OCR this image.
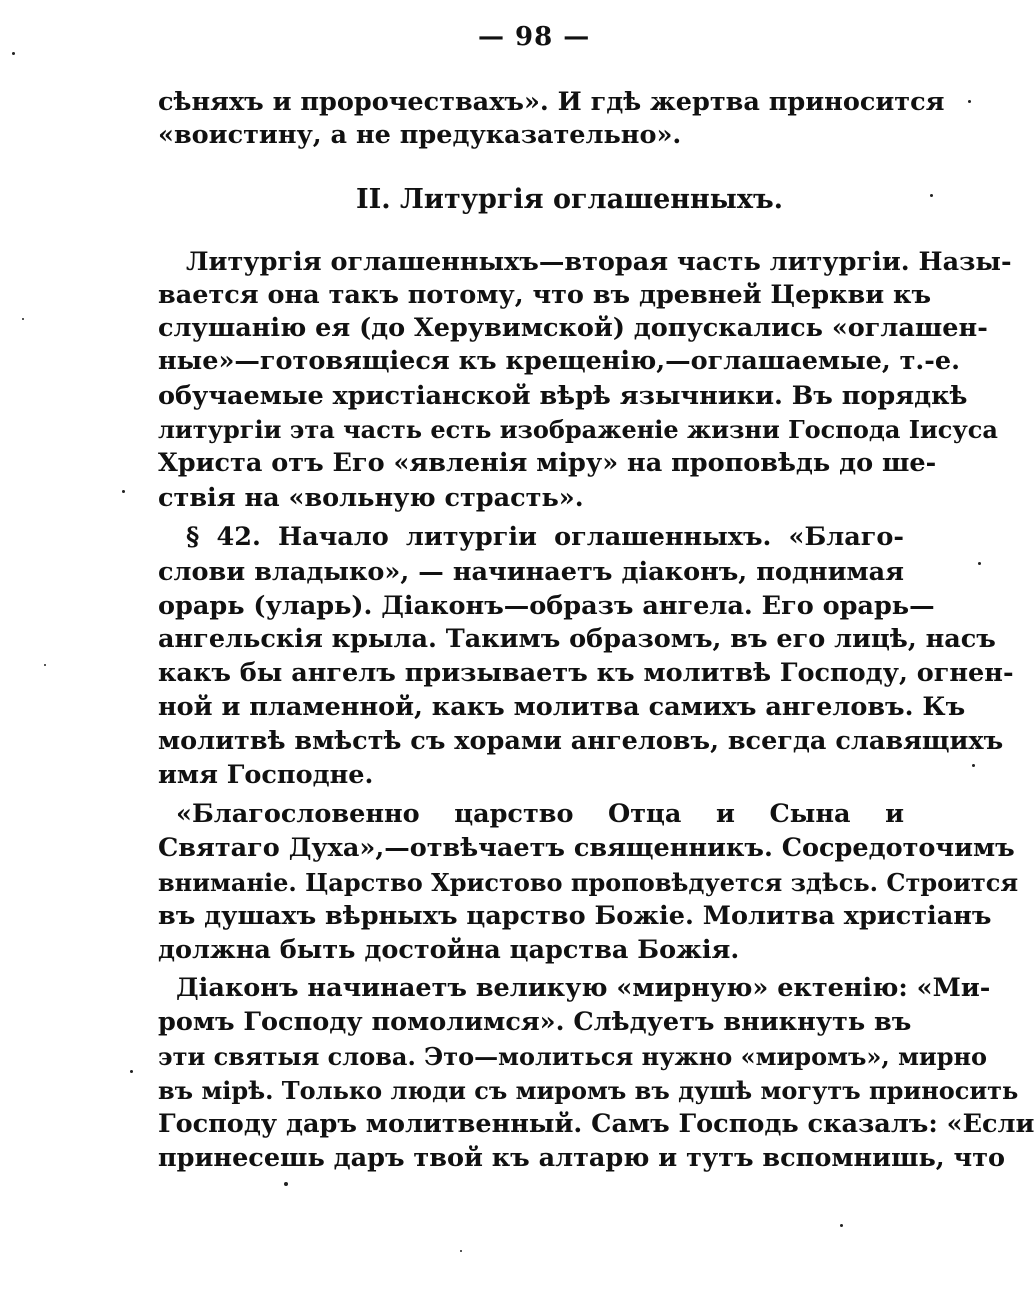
— 98 —
сѣняхъ и пророчествахъ». И гдѣ жертва приносится
«воистину, а не предуказательно».
II. Литургія оглашенныхъ.
Литургія оглашенныхъ—вторая часть литургіи. Назы-
вается она такъ потому, что въ древней Церкви къ
слушанію ея (до Херувимской) допускались «оглашен-
ные»—готовящіеся къ крещенію,—оглашаемые, т.-е.
обучаемые христіанской вѣрѣ язычники. Въ порядкѣ
литургіи эта часть есть изображеніе жизни Господа Іисуса
Христа отъ Его «явленія міру» на проповѣдь до ше-
ствія на «вольную страсть».
§ 42. Начало литургіи оглашенныхъ. «Благо-
слови владыко», — начинаетъ діаконъ, поднимая
орарь (уларь). Діаконъ—образъ ангела. Его орарь—
ангельскія крыла. Такимъ образомъ, въ его лицѣ, насъ
какъ бы ангелъ призываетъ къ молитвѣ Господу, огнен-
ной и пламенной, какъ молитва самихъ ангеловъ. Къ
молитвѣ вмѣстѣ съ хорами ангеловъ, всегда славящихъ
имя Господне.
«Благословенно царство Отца и Сына и
Святаго Духа»,—отвѣчаетъ священникъ. Сосредоточимъ
вниманіе. Царство Христово проповѣдуется здѣсь. Строится
въ душахъ вѣрныхъ царство Божіе. Молитва христіанъ
должна быть достойна царства Божія.
Діаконъ начинаетъ великую «мирную» ектенію: «Ми-
ромъ Господу помолимся». Слѣдуетъ вникнуть въ
эти святыя слова. Это—молиться нужно «миромъ», мирно
въ мірѣ. Только люди съ миромъ въ душѣ могутъ приносить
Господу даръ молитвенный. Самъ Господь сказалъ: «Если
принесешь даръ твой къ алтарю и тутъ вспомнишь, что
